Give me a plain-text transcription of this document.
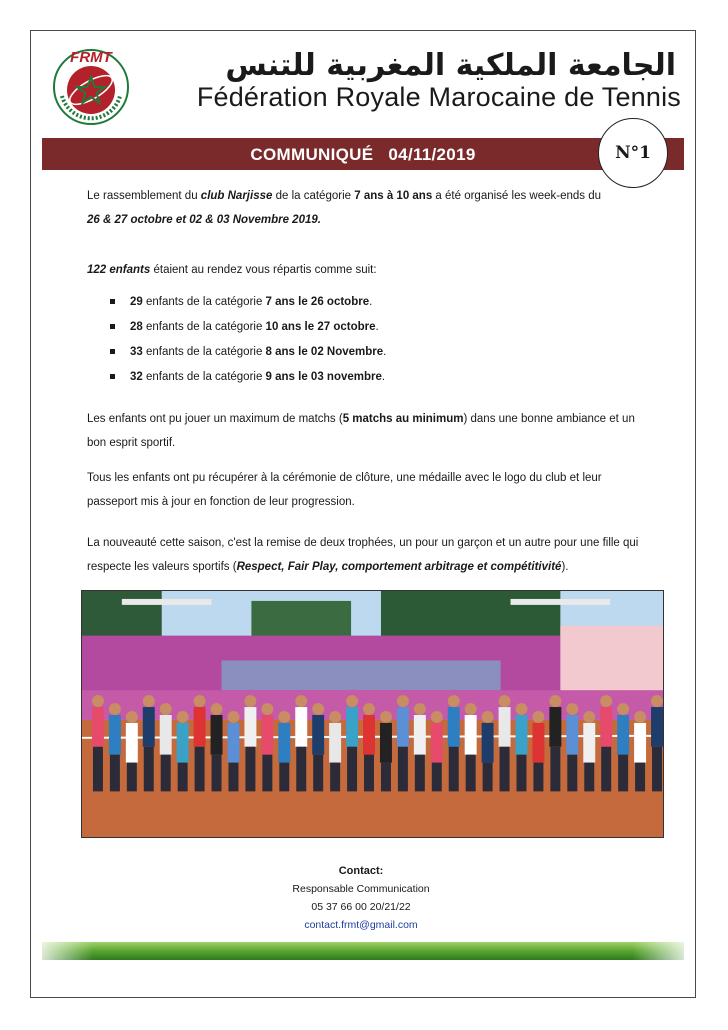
FRMT	الجامعة الملكية المغربية للتنس
Fédération Royale Marocaine de Tennis
COMMUNIQUÉ   04/11/2019	N°1

Le rassemblement du club Narjisse de la catégorie 7 ans à 10 ans a été organisé les week-ends du
26 & 27 octobre et 02 & 03 Novembre 2019.

122 enfants étaient au rendez vous répartis comme suit:

29 enfants de la catégorie 7 ans le 26 octobre.
28 enfants de la catégorie 10 ans le 27 octobre.
33 enfants de la catégorie 8 ans le 02 Novembre.
32 enfants de la catégorie 9 ans le 03 novembre.

Les enfants ont pu jouer un maximum de matchs (5 matchs au minimum) dans une bonne ambiance et un bon esprit sportif.

Tous les enfants ont pu récupérer à la cérémonie de clôture, une médaille avec le logo du club et leur passeport mis à jour en fonction de leur progression.

La nouveauté cette saison, c'est la remise de deux trophées, un pour un garçon et un autre pour une fille qui respecte les valeurs sportifs (Respect, Fair Play, comportement arbitrage et compétitivité).

Contact:
Responsable Communication
05 37 66 00 20/21/22
contact.frmt@gmail.com
